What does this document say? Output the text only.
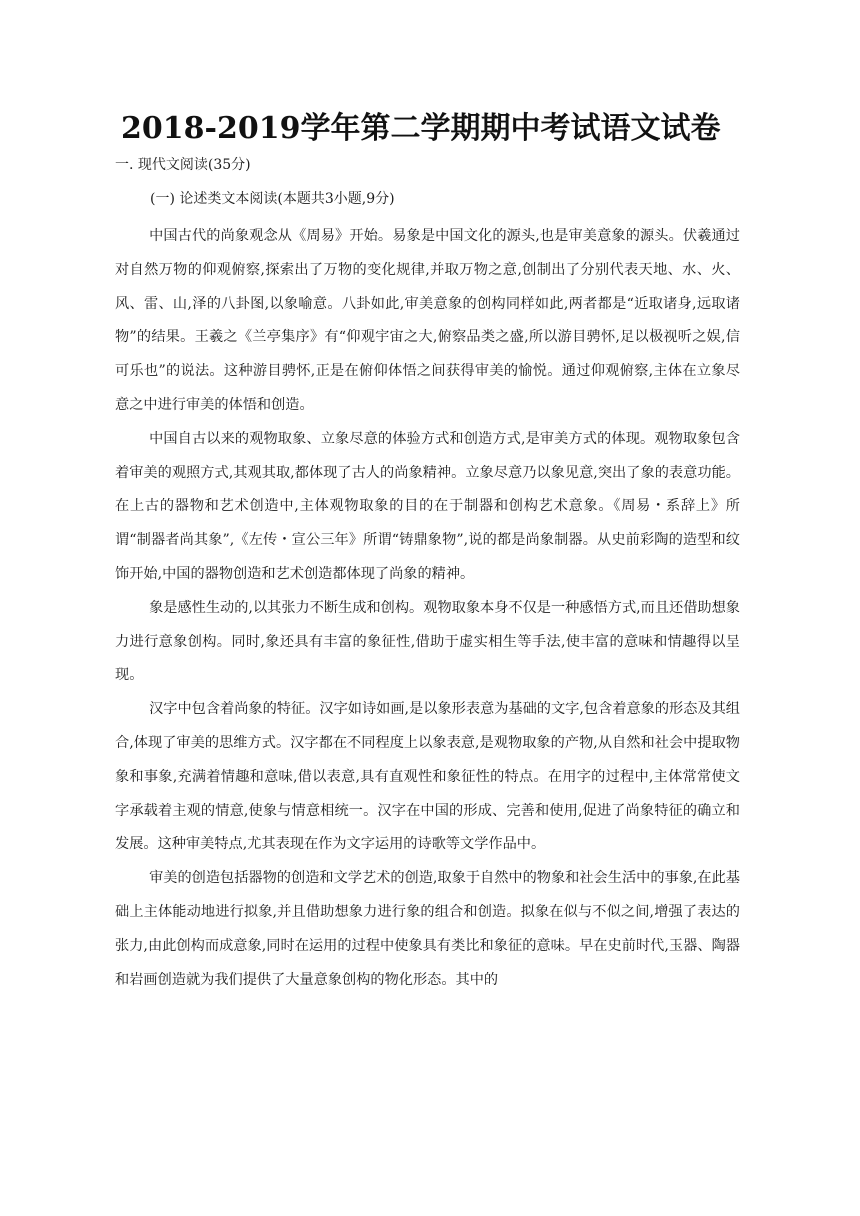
2018-2019学年第二学期期中考试语文试卷
一. 现代文阅读(35分)
(一) 论述类文本阅读(本题共3小题,9分)

中国古代的尚象观念从《周易》开始。易象是中国文化的源头,也是审美意象的源头。伏羲通过对自然万物的仰观俯察,探索出了万物的变化规律,并取万物之意,创制出了分别代表天地、水、火、风、雷、山,泽的八卦图,以象喻意。八卦如此,审美意象的创构同样如此,两者都是“近取诸身,远取诸物”的结果。王羲之《兰亭集序》有“仰观宇宙之大,俯察品类之盛,所以游目骋怀,足以极视听之娱,信可乐也”的说法。这种游目骋怀,正是在俯仰体悟之间获得审美的愉悦。通过仰观俯察,主体在立象尽意之中进行审美的体悟和创造。

中国自古以来的观物取象、立象尽意的体验方式和创造方式,是审美方式的体现。观物取象包含着审美的观照方式,其观其取,都体现了古人的尚象精神。立象尽意乃以象见意,突出了象的表意功能。在上古的器物和艺术创造中,主体观物取象的目的在于制器和创构艺术意象。《周易・系辞上》所谓“制器者尚其象”,《左传・宣公三年》所谓“铸鼎象物”,说的都是尚象制器。从史前彩陶的造型和纹饰开始,中国的器物创造和艺术创造都体现了尚象的精神。

象是感性生动的,以其张力不断生成和创构。观物取象本身不仅是一种感悟方式,而且还借助想象力进行意象创构。同时,象还具有丰富的象征性,借助于虚实相生等手法,使丰富的意味和情趣得以呈现。

汉字中包含着尚象的特征。汉字如诗如画,是以象形表意为基础的文字,包含着意象的形态及其组合,体现了审美的思维方式。汉字都在不同程度上以象表意,是观物取象的产物,从自然和社会中提取物象和事象,充满着情趣和意味,借以表意,具有直观性和象征性的特点。在用字的过程中,主体常常使文字承载着主观的情意,使象与情意相统一。汉字在中国的形成、完善和使用,促进了尚象特征的确立和发展。这种审美特点,尤其表现在作为文字运用的诗歌等文学作品中。

审美的创造包括器物的创造和文学艺术的创造,取象于自然中的物象和社会生活中的事象,在此基础上主体能动地进行拟象,并且借助想象力进行象的组合和创造。拟象在似与不似之间,增强了表达的张力,由此创构而成意象,同时在运用的过程中使象具有类比和象征的意味。早在史前时代,玉器、陶器和岩画创造就为我们提供了大量意象创构的物化形态。其中的
